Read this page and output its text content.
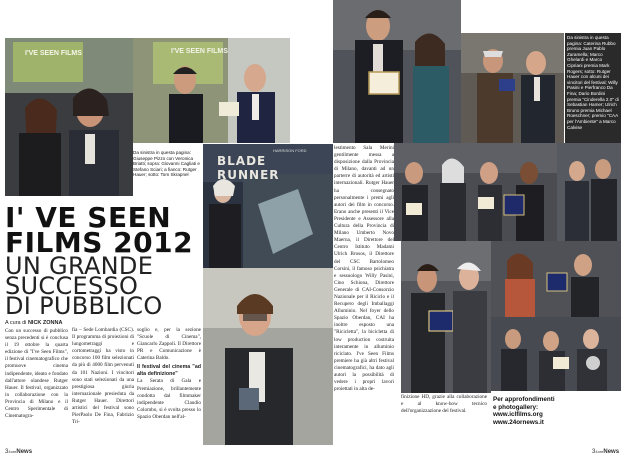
I'VE SEEN FILMS	I'VE SEEN FILMS
Da sinistra in questa pagina: Giuseppe Pizzo con Veronica Briatti; sopra: Giovanni Cagliati e Stefano Sciari; a fianco: Rutger Hauer; sotto: Tom Skrapnel
HARRISON FORD
BLADE RUNNER
I' VE SEEN
FILMS 2012
UN GRANDE
SUCCESSO
DI PUBBLICO
A cura di NICK ZONNA

Con un successo di pubblico senza precedenti si è conclusa il 19 ottobre la quarta edizione di "I've Seen Films", il festival cinematografico che promuove cinema indipendente, ideato e fondato dall'attore olandese Rutger Hauer. Il festival, organizzato in collaborazione con la Provincia di Milano e il Centro Sperimentale di Cinematogra-

fia – Sede Lombardia (CSC). Il programma di proiezioni di lungometraggi e cortometraggi ha visto in concorso 100 film selezionati da più di 4000 film pervenuti da 101 Nazioni. I vincitori sono stati selezionati da una prestigiosa giuria internazionale presieduta da Rutger Hauer. Direttori artistici del festival sono PierPaolo De Fina, Fabrizio Tri-

soglio e, per la sezione "Scuole di Cinema", Giancarlo Zappoli. Il Direttore PR e Comunicazione è Caterina Baldo.

Il festival del cinema "ad alta definizione"

La Serata di Gala e Premiazione, brillantemente condotta dal filmmaker indipendente Claudio Colombo, si è svolta presso lo Spazio Oberdan nell'al-

Da sinistra in questa pagina: Caterina Rubbo premia Juan Pablo Zaramella; Marco Ghelardi e Marco Cipriani premia Mark Rogers; sotto: Rutger Hauer con alcuni dei vincitori del festival; Willy Pasini e Pierfranco Da Fina; Dario Bordini premia "Cinderella 2.0" di Sebastian Hamer; Ulrich Bruno premia Michael Roeschner; premio "CAA per l'Ambiente" a Marco Calvise

lestimento Sala Merini gentilmente messa a disposizione dalla Provincia di Milano, davanti ad un parterre di autorità ed artisti internazionali. Rutger Hauer ha consegnato personalmente i premi agli autori dei film in concorso. Erano anche presenti il Vice Presidente e Assessore alla Cultura della Provincia di Milano Umberto Novo Maerna, il Direttore del Centro Istituto Madami Ulrich Brosos, il Direttore del CSC Bartolomeo Corsini, il famoso psichiatra e sessuologo Willy Pasini, Cino Schiona, Direttore Generale di CAI-Consorzio Nazionale per il Riciclo e il Recupero degli Imballaggi Alluminio. Nel foyer dello Spazio Oberdan, CAI ha inoltre esposto una "Ricicletta", la bicicletta di low production costruita interamente in alluminio riciclato. I've Seen Films premiere ha già altri festival cinematografici, ha dato agli autori la possibilità di vedere i propri lavori proiettati in alta de-

finizione HD, grazie alla collaborazione e al know-how tecnico dell'organizzazione del festival.

Per approfondimenti
e photogallery:
www.iclfilms.org
www.24ornews.it
34oreNews	34oreNews
